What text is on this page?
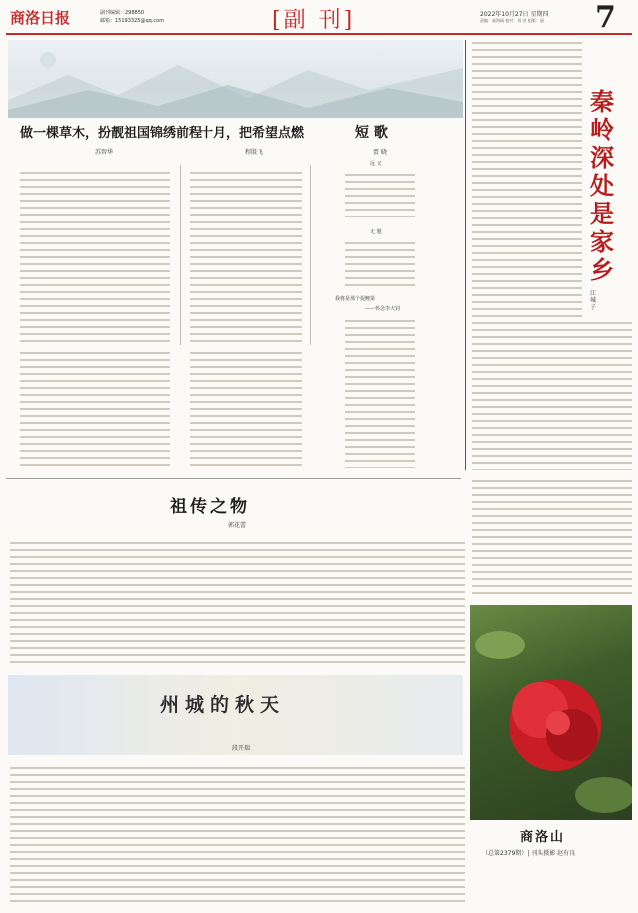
商洛日报	副刊编辑：298850
邮箱：15193325@qq.com	[副 刊]	2022年10月27日 星期四
责编：高海丽 校对：刘 芳 组版：丽 7
做一棵草木，扮靓祖国锦绣前程
苏智华
十月，把希望点燃
程殷飞
短 歌
贾 晓
远 又
无 题
我将是那个捉鲤第
——怀念李大钊
秦岭深处是家乡
江城子
祖传之物
郭花蕾
州城的秋天
段开瑞
商洛山
（总第2379期）| 刊头摄影 赵有良
